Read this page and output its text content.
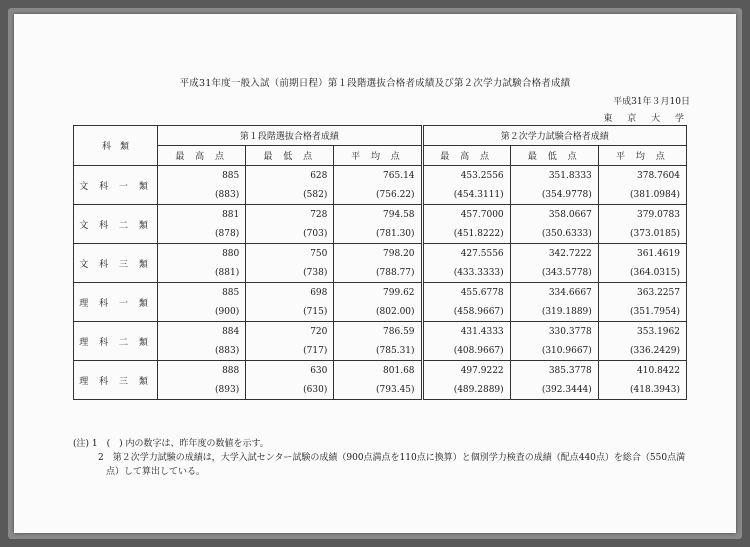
平成31年度一般入試（前期日程）第１段階選抜合格者成績及び第２次学力試験合格者成績
平成31年３月10日
東 京 大 学
科　類	第１段階選抜合格者成績			第２次学力試験合格者成績		
	最 高 点	最 低 点	平 均 点	最 高 点	最 低 点	平 均 点
文 科 一 類	885	628	765.14	453.2556	351.8333	378.7604
	(883)	(582)	(756.22)	(454.3111)	(354.9778)	(381.0984)
文 科 二 類	881	728	794.58	457.7000	358.0667	379.0783
	(878)	(703)	(781.30)	(451.8222)	(350.6333)	(373.0185)
文 科 三 類	880	750	798.20	427.5556	342.7222	361.4619
	(881)	(738)	(788.77)	(433.3333)	(343.5778)	(364.0315)
理 科 一 類	885	698	799.62	455.6778	334.6667	363.2257
	(900)	(715)	(802.00)	(458.9667)	(319.1889)	(351.7954)
理 科 二 類	884	720	786.59	431.4333	330.3778	353.1962
	(883)	(717)	(785.31)	(408.9667)	(310.9667)	(336.2429)
理 科 三 類	888	630	801.68	497.9222	385.3778	410.8422
	(893)	(630)	(793.45)	(489.2889)	(392.3444)	(418.3943)

(注) 1　(　) 内の数字は、昨年度の数値を示す。

2　第２次学力試験の成績は，大学入試センター試験の成績（900点満点を110点に換算）と個別学力検査の成績（配点440点）を総合（550点満点）して算出している。
